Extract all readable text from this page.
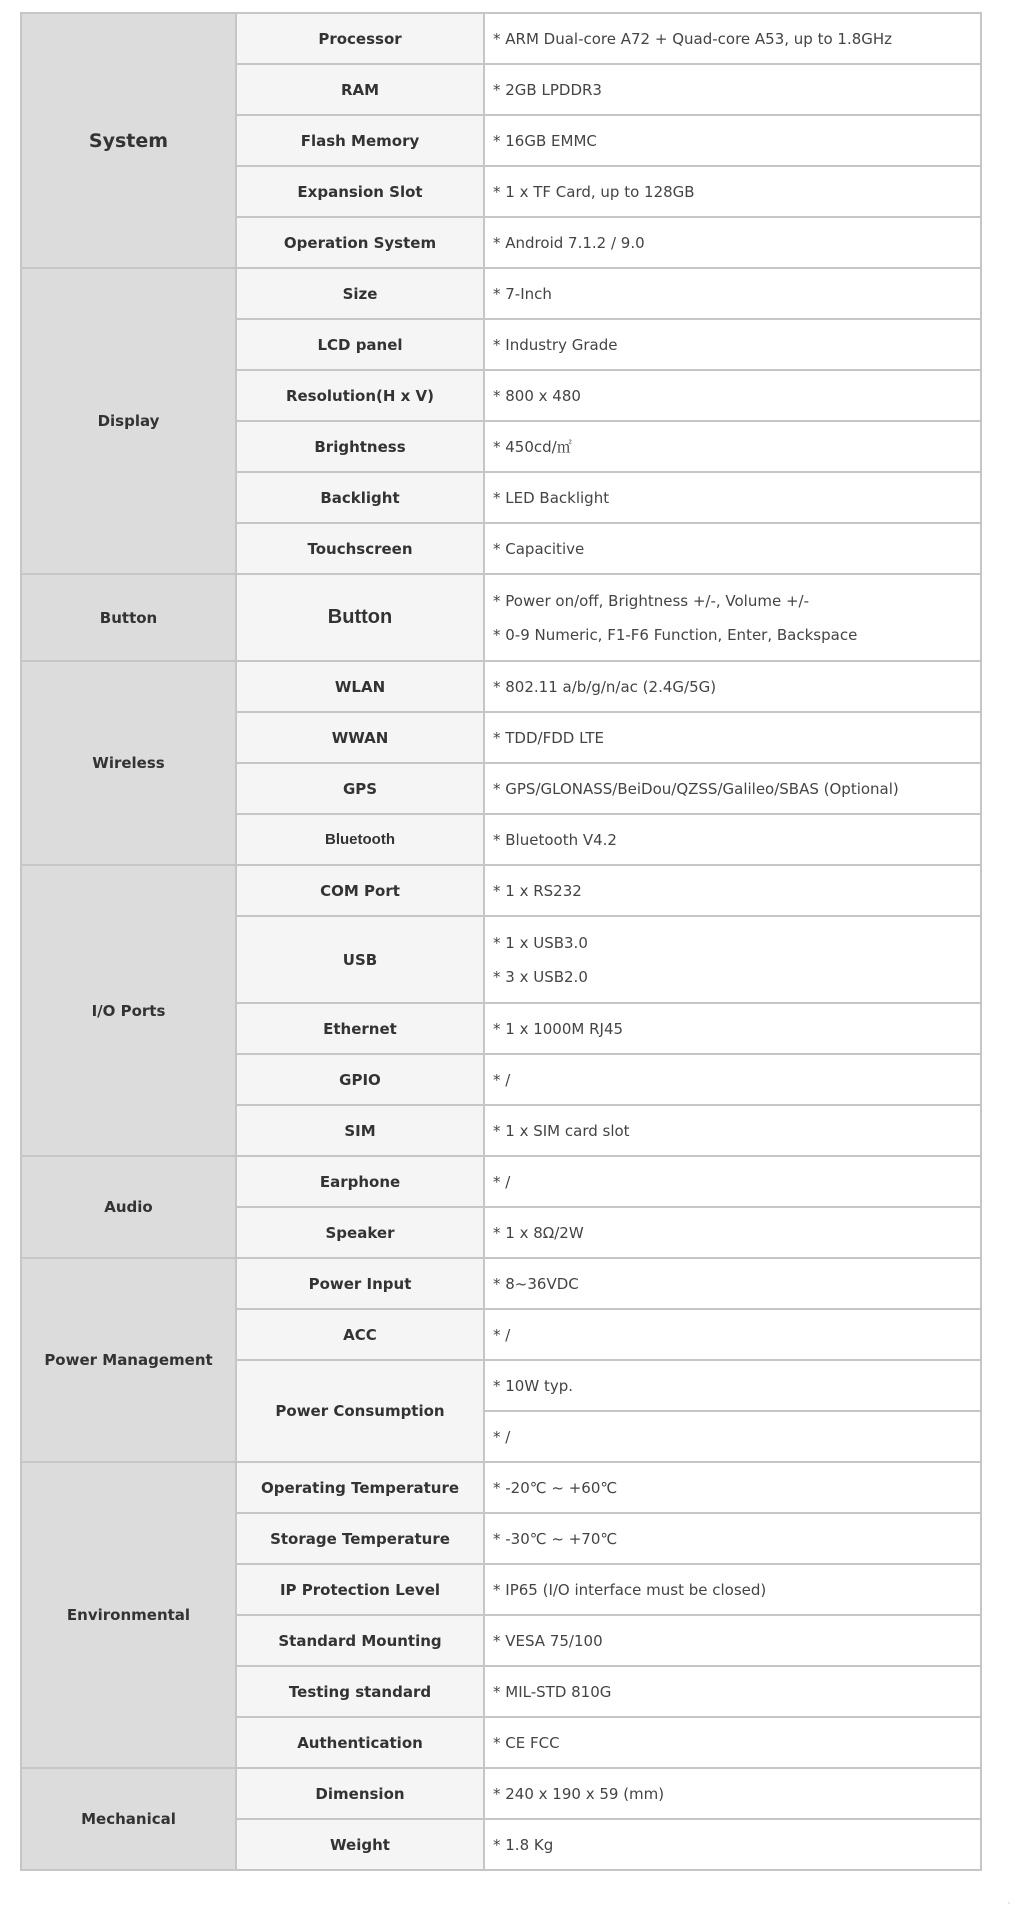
System	Processor	* ARM Dual-core A72 + Quad-core A53, up to 1.8GHz
	RAM	* 2GB LPDDR3
	Flash Memory	* 16GB EMMC
	Expansion Slot	* 1 x TF Card, up to 128GB
	Operation System	* Android 7.1.2 / 9.0
Display	Size	* 7-Inch
	LCD panel	* Industry Grade
	Resolution(H x V)	* 800 x 480
	Brightness	* 450cd/㎡
	Backlight	* LED Backlight
	Touchscreen	* Capacitive
Button	Button	* Power on/off, Brightness +/-, Volume +/-
* 0-9 Numeric, F1-F6 Function, Enter, Backspace

Wireless	WLAN	* 802.11 a/b/g/n/ac (2.4G/5G)
	WWAN	* TDD/FDD LTE
	GPS	* GPS/GLONASS/BeiDou/QZSS/Galileo/SBAS (Optional)
	Bluetooth	* Bluetooth V4.2
I/O Ports	COM Port	* 1 x RS232
	USB	* 1 x USB3.0
* 3 x USB2.0

	Ethernet	* 1 x 1000M RJ45
	GPIO	* /
	SIM	* 1 x SIM card slot
Audio	Earphone	* /
	Speaker	* 1 x 8Ω/2W
Power Management	Power Input	* 8~36VDC
	ACC	* /
	Power Consumption	* 10W typ.
		* /
Environmental	Operating Temperature	* -20℃ ~ +60℃
	Storage Temperature	* -30℃ ~ +70℃
	IP Protection Level	* IP65 (I/O interface must be closed)
	Standard Mounting	* VESA 75/100
	Testing standard	* MIL-STD 810G
	Authentication	* CE FCC
Mechanical	Dimension	* 240 x 190 x 59 (mm)
	Weight	* 1.8 Kg
